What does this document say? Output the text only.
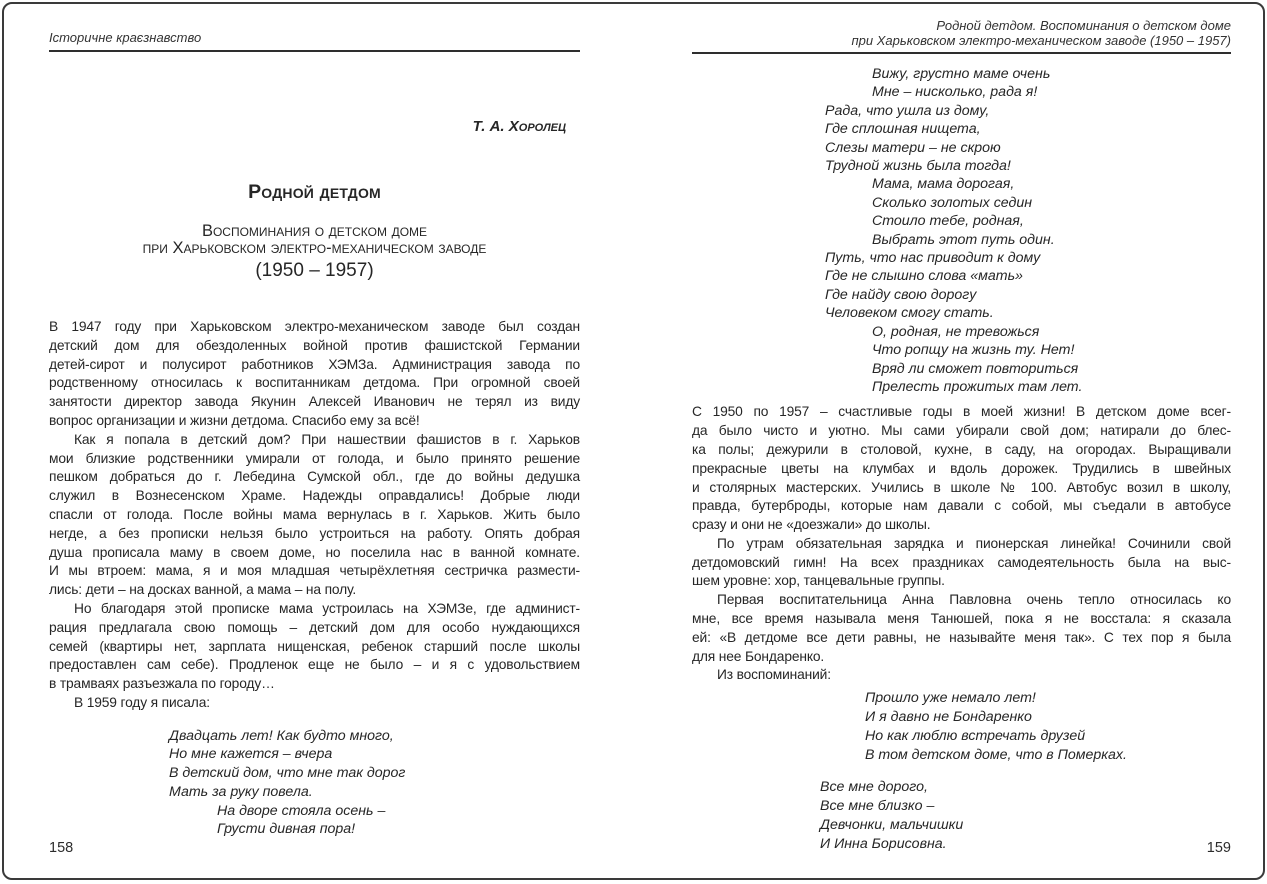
Історичне краєзнавство
Т. А. Хоролец
Родной детдом
Воспоминания о детском доме
при Харьковском электро-механическом заводе
(1950 – 1957)
В 1947 году при Харьковском электро-механическом заводе был создан
детский дом для обездоленных войной против фашистской Германии
детей-сирот и полусирот работников ХЭМЗа. Администрация завода по
родственному относилась к воспитанникам детдома. При огромной своей
занятости директор завода Якунин Алексей Иванович не терял из виду
вопрос организации и жизни детдома. Спасибо ему за всё!
Как я попала в детский дом? При нашествии фашистов в г. Харьков
мои близкие родственники умирали от голода, и было принято решение
пешком добраться до г. Лебедина Сумской обл., где до войны дедушка
служил в Вознесенском Храме. Надежды оправдались! Добрые люди
спасли от голода. После войны мама вернулась в г. Харьков. Жить было
негде, а без прописки нельзя было устроиться на работу. Опять добрая
душа прописала маму в своем доме, но поселила нас в ванной комнате.
И мы втроем: мама, я и моя младшая четырёхлетняя сестричка размести-
лись: дети – на досках ванной, а мама – на полу.
Но благодаря этой прописке мама устроилась на ХЭМЗе, где админист-
рация предлагала свою помощь – детский дом для особо нуждающихся
семей (квартиры нет, зарплата нищенская, ребенок старший после школы
предоставлен сам себе). Продленок еще не было – и я с удовольствием
в трамваях разъезжала по городу…
В 1959 году я писала:
Двадцать лет! Как будто много,
Но мне кажется – вчера
В детский дом, что мне так дорог
Мать за руку повела.
На дворе стояла осень –
Грусти дивная пора!
158
Родной детдом. Воспоминания о детском доме
при Харьковском электро-механическом заводе (1950 – 1957)
Вижу, грустно маме очень
Мне – нисколько, рада я!
Рада, что ушла из дому,
Где сплошная нищета,
Слезы матери – не скрою
Трудной жизнь была тогда!
Мама, мама дорогая,
Сколько золотых седин
Стоило тебе, родная,
Выбрать этот путь один.
Путь, что нас приводит к дому
Где не слышно слова «мать»
Где найду свою дорогу
Человеком смогу стать.
О, родная, не тревожься
Что ропщу на жизнь ту. Нет!
Вряд ли сможет повториться
Прелесть прожитых там лет.
С 1950 по 1957 – счастливые годы в моей жизни! В детском доме всег-
да было чисто и уютно. Мы сами убирали свой дом; натирали до блес-
ка полы; дежурили в столовой, кухне, в саду, на огородах. Выращивали
прекрасные цветы на клумбах и вдоль дорожек. Трудились в швейных
и столярных мастерских. Учились в школе № 100. Автобус возил в школу,
правда, бутерброды, которые нам давали с собой, мы съедали в автобусе
сразу и они не «доезжали» до школы.
По утрам обязательная зарядка и пионерская линейка! Сочинили свой
детдомовский гимн! На всех праздниках самодеятельность была на выс-
шем уровне: хор, танцевальные группы.
Первая воспитательница Анна Павловна очень тепло относилась ко
мне, все время называла меня Танюшей, пока я не восстала: я сказала
ей: «В детдоме все дети равны, не называйте меня так». С тех пор я была
для нее Бондаренко.
Из воспоминаний:
Прошло уже немало лет!
И я давно не Бондаренко
Но как люблю встречать друзей
В том детском доме, что в Померках.
Все мне дорого,
Все мне близко –
Девчонки, мальчишки
И Инна Борисовна.	159
